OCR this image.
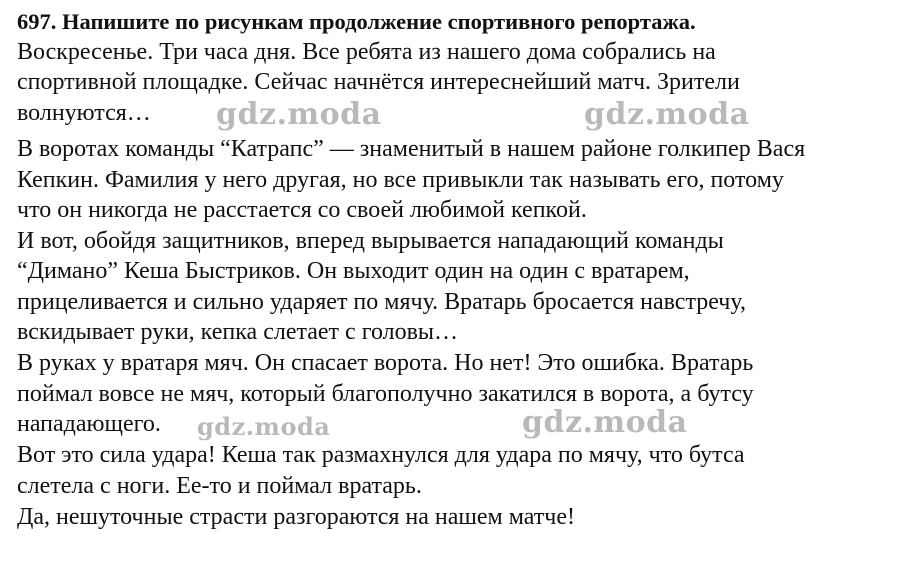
697. Напишите по рисункам продолжение спортивного репортажа.
Воскресенье. Три часа дня. Все ребята из нашего дома собрались на
спортивной площадке. Сейчас начнётся интереснейший матч. Зрители
волнуются…
В воротах команды “Катрапс” — знаменитый в нашем районе голкипер Вася
Кепкин. Фамилия у него другая, но все привыкли так называть его, потому
что он никогда не расстается со своей любимой кепкой.
И вот, обойдя защитников, вперед вырывается нападающий команды
“Димано” Кеша Быстриков. Он выходит один на один с вратарем,
прицеливается и сильно ударяет по мячу. Вратарь бросается навстречу,
вскидывает руки, кепка слетает с головы…
В руках у вратаря мяч. Он спасает ворота. Но нет! Это ошибка. Вратарь
поймал вовсе не мяч, который благополучно закатился в ворота, а бутсу
нападающего.
Вот это сила удара! Кеша так размахнулся для удара по мячу, что бутса
слетела с ноги. Ее-то и поймал вратарь.
Да, нешуточные страсти разгораются на нашем матче!
gdz.moda	gdz.moda
gdz.moda	gdz.moda
